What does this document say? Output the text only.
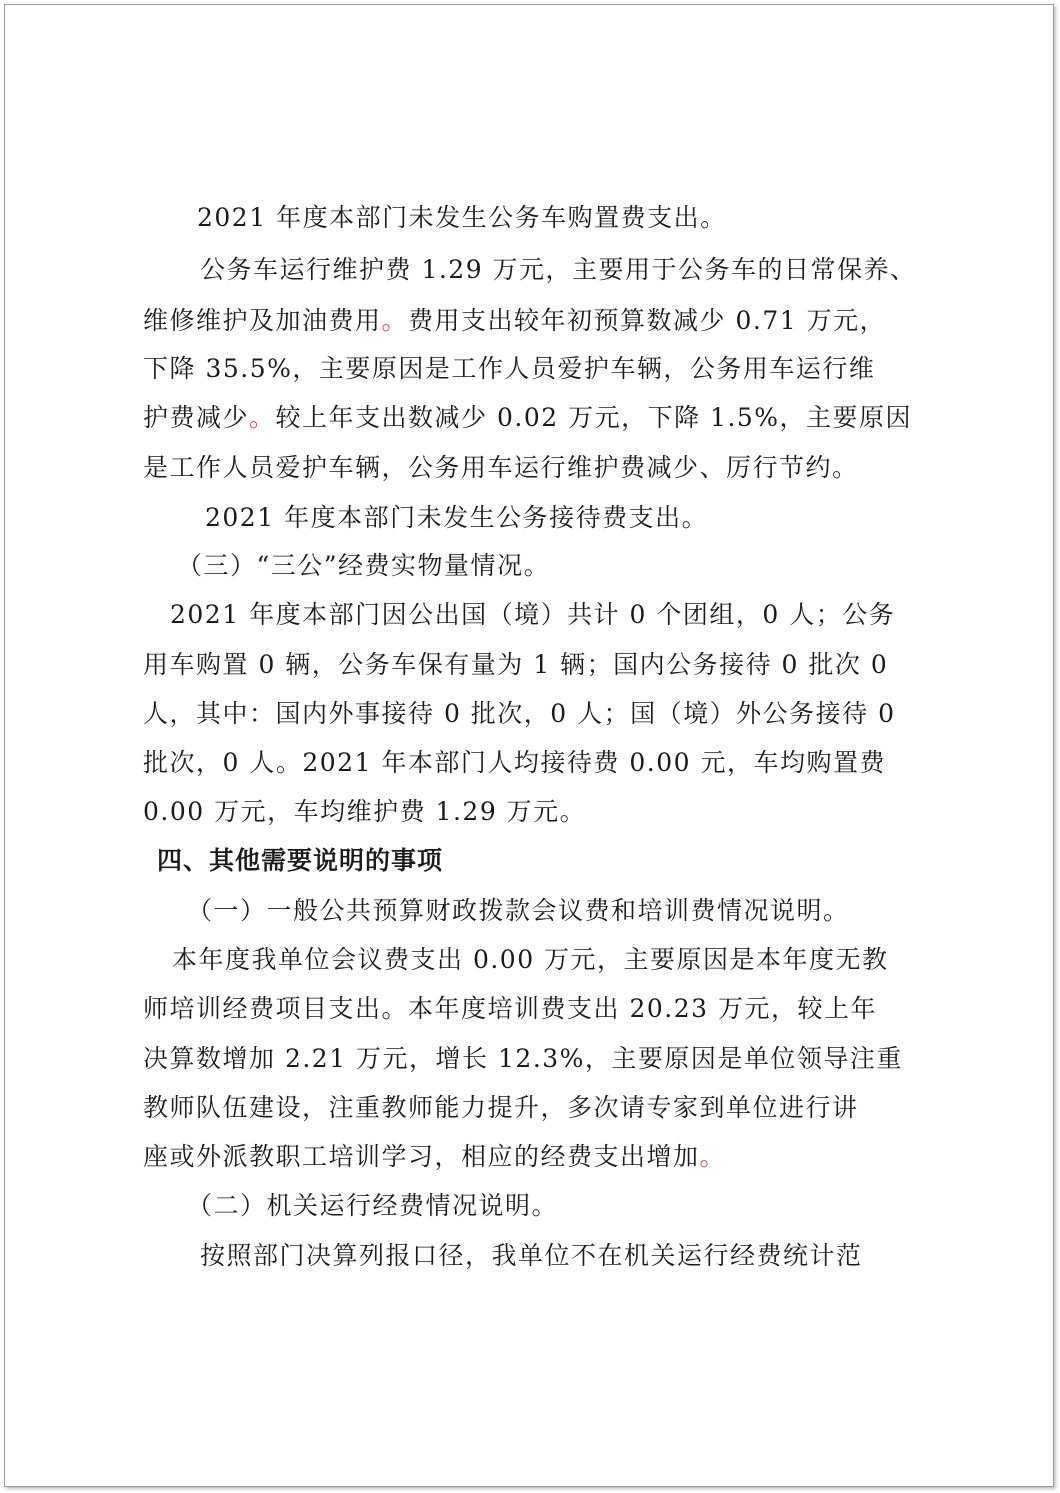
2021 年度本部门未发生公务车购置费支出。
公务车运行维护费 1.29 万元，主要用于公务车的日常保养、
维修维护及加油费用。费用支出较年初预算数减少 0.71 万元，
下降 35.5%，主要原因是工作人员爱护车辆，公务用车运行维
护费减少。较上年支出数减少 0.02 万元，下降 1.5%，主要原因
是工作人员爱护车辆，公务用车运行维护费减少、厉行节约。
2021 年度本部门未发生公务接待费支出。
（三）“三公”经费实物量情况。
2021 年度本部门因公出国（境）共计 0 个团组，0 人；公务
用车购置 0 辆，公务车保有量为 1 辆；国内公务接待 0 批次 0
人，其中：国内外事接待 0 批次，0 人；国（境）外公务接待 0
批次，0 人。2021 年本部门人均接待费 0.00 元，车均购置费
0.00 万元，车均维护费 1.29 万元。
四、其他需要说明的事项
（一）一般公共预算财政拨款会议费和培训费情况说明。
本年度我单位会议费支出 0.00 万元，主要原因是本年度无教
师培训经费项目支出。本年度培训费支出 20.23 万元，较上年
决算数增加 2.21 万元，增长 12.3%，主要原因是单位领导注重
教师队伍建设，注重教师能力提升，多次请专家到单位进行讲
座或外派教职工培训学习，相应的经费支出增加。
（二）机关运行经费情况说明。
按照部门决算列报口径，我单位不在机关运行经费统计范
